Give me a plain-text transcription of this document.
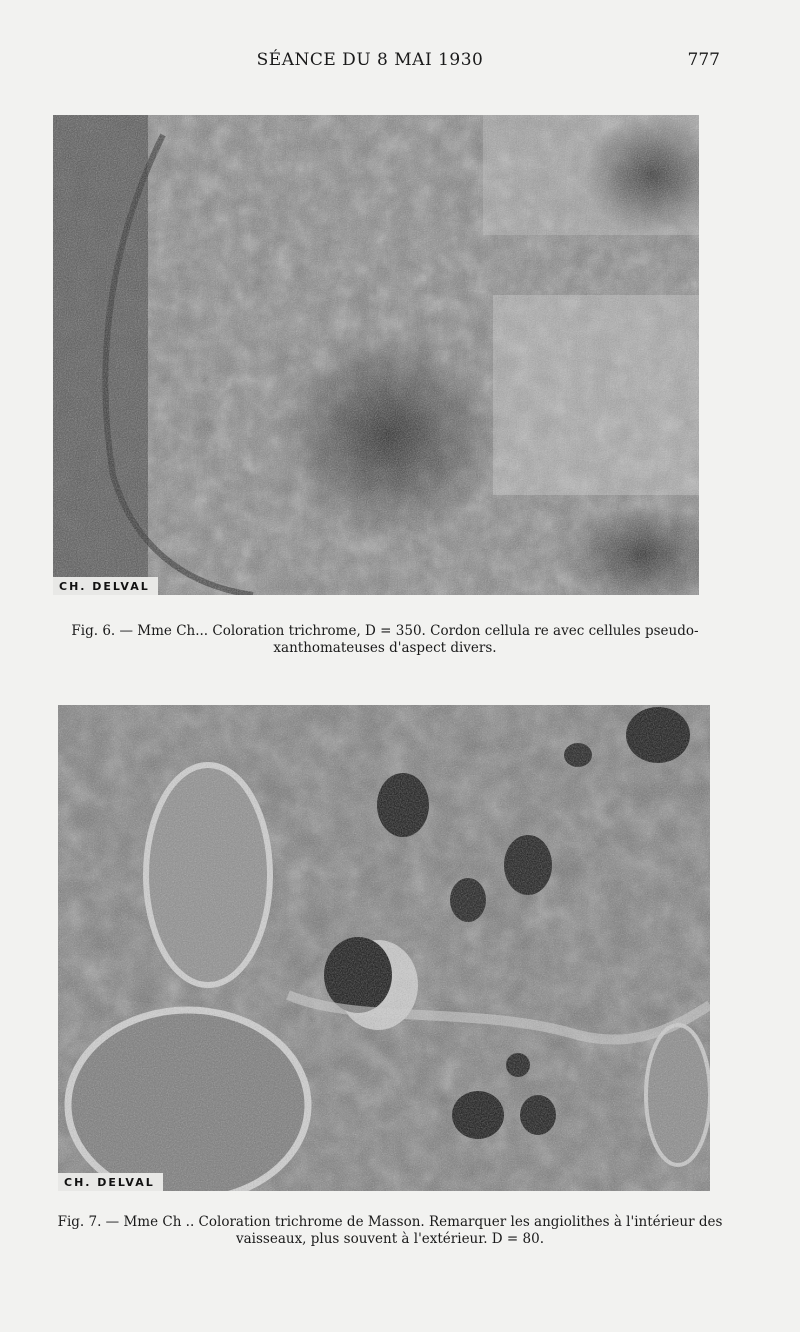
SÉANCE DU 8 MAI 1930	777
CH. DELVAL
Fig. 6. — Mme Ch... Coloration trichrome, D = 350. Cordon cellula re avec cellules pseudo-
xanthomateuses d'aspect divers.
CH. DELVAL
Fig. 7. — Mme Ch .. Coloration trichrome de Masson. Remarquer les angiolithes à l'intérieur des
vaisseaux, plus souvent à l'extérieur. D = 80.
